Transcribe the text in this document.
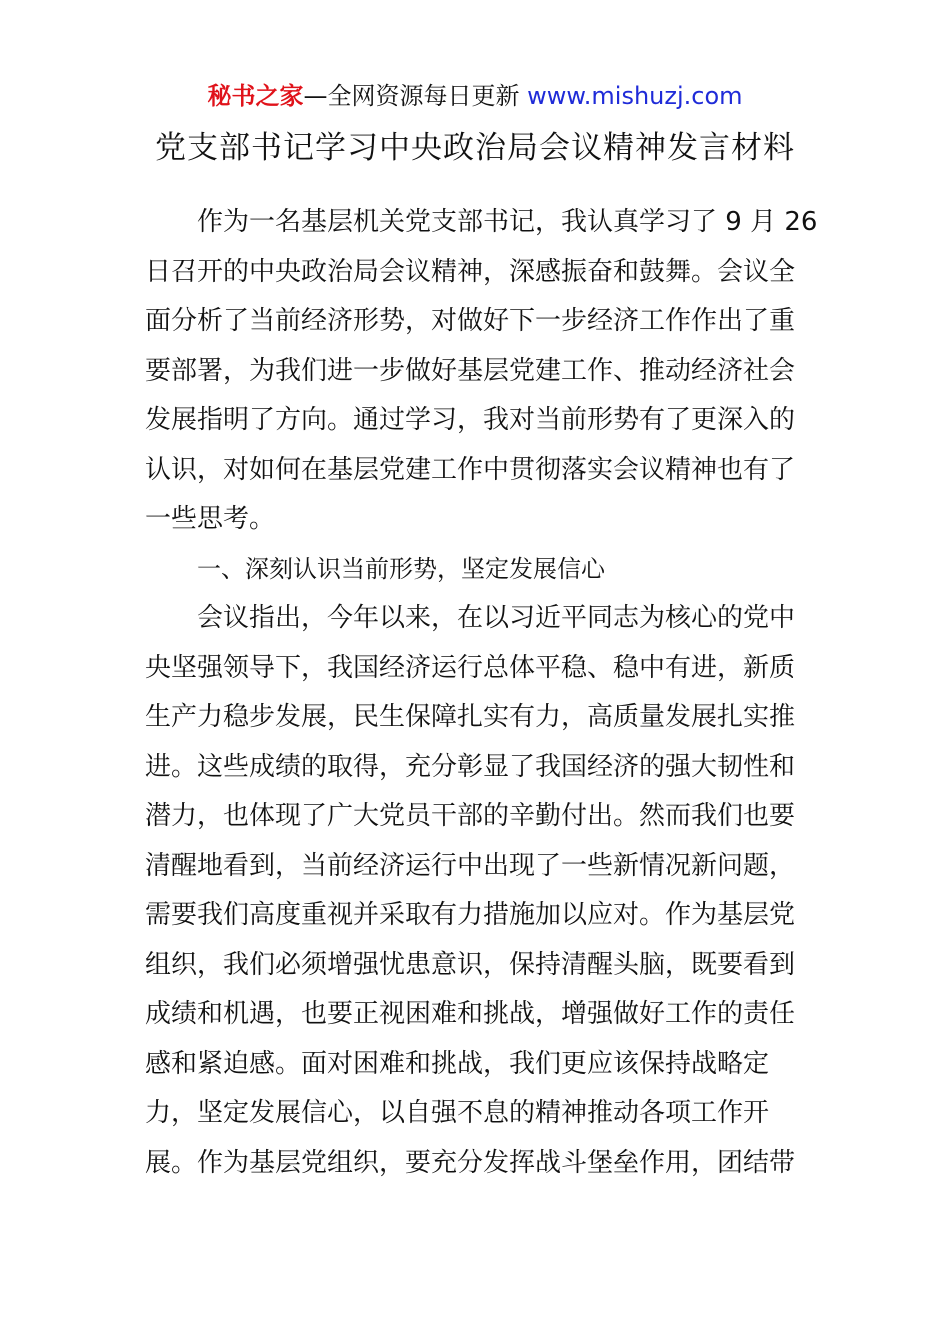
秘书之家—全网资源每日更新 www.mishuzj.com
党支部书记学习中央政治局会议精神发言材料
作为一名基层机关党支部书记，我认真学习了 9 月 26
日召开的中央政治局会议精神，深感振奋和鼓舞。会议全
面分析了当前经济形势，对做好下一步经济工作作出了重
要部署，为我们进一步做好基层党建工作、推动经济社会
发展指明了方向。通过学习，我对当前形势有了更深入的
认识，对如何在基层党建工作中贯彻落实会议精神也有了
一些思考。
一、深刻认识当前形势，坚定发展信心
会议指出，今年以来，在以习近平同志为核心的党中
央坚强领导下，我国经济运行总体平稳、稳中有进，新质
生产力稳步发展，民生保障扎实有力，高质量发展扎实推
进。这些成绩的取得，充分彰显了我国经济的强大韧性和
潜力，也体现了广大党员干部的辛勤付出。然而我们也要
清醒地看到，当前经济运行中出现了一些新情况新问题，
需要我们高度重视并采取有力措施加以应对。作为基层党
组织，我们必须增强忧患意识，保持清醒头脑，既要看到
成绩和机遇，也要正视困难和挑战，增强做好工作的责任
感和紧迫感。面对困难和挑战，我们更应该保持战略定
力，坚定发展信心，以自强不息的精神推动各项工作开
展。作为基层党组织，要充分发挥战斗堡垒作用，团结带
